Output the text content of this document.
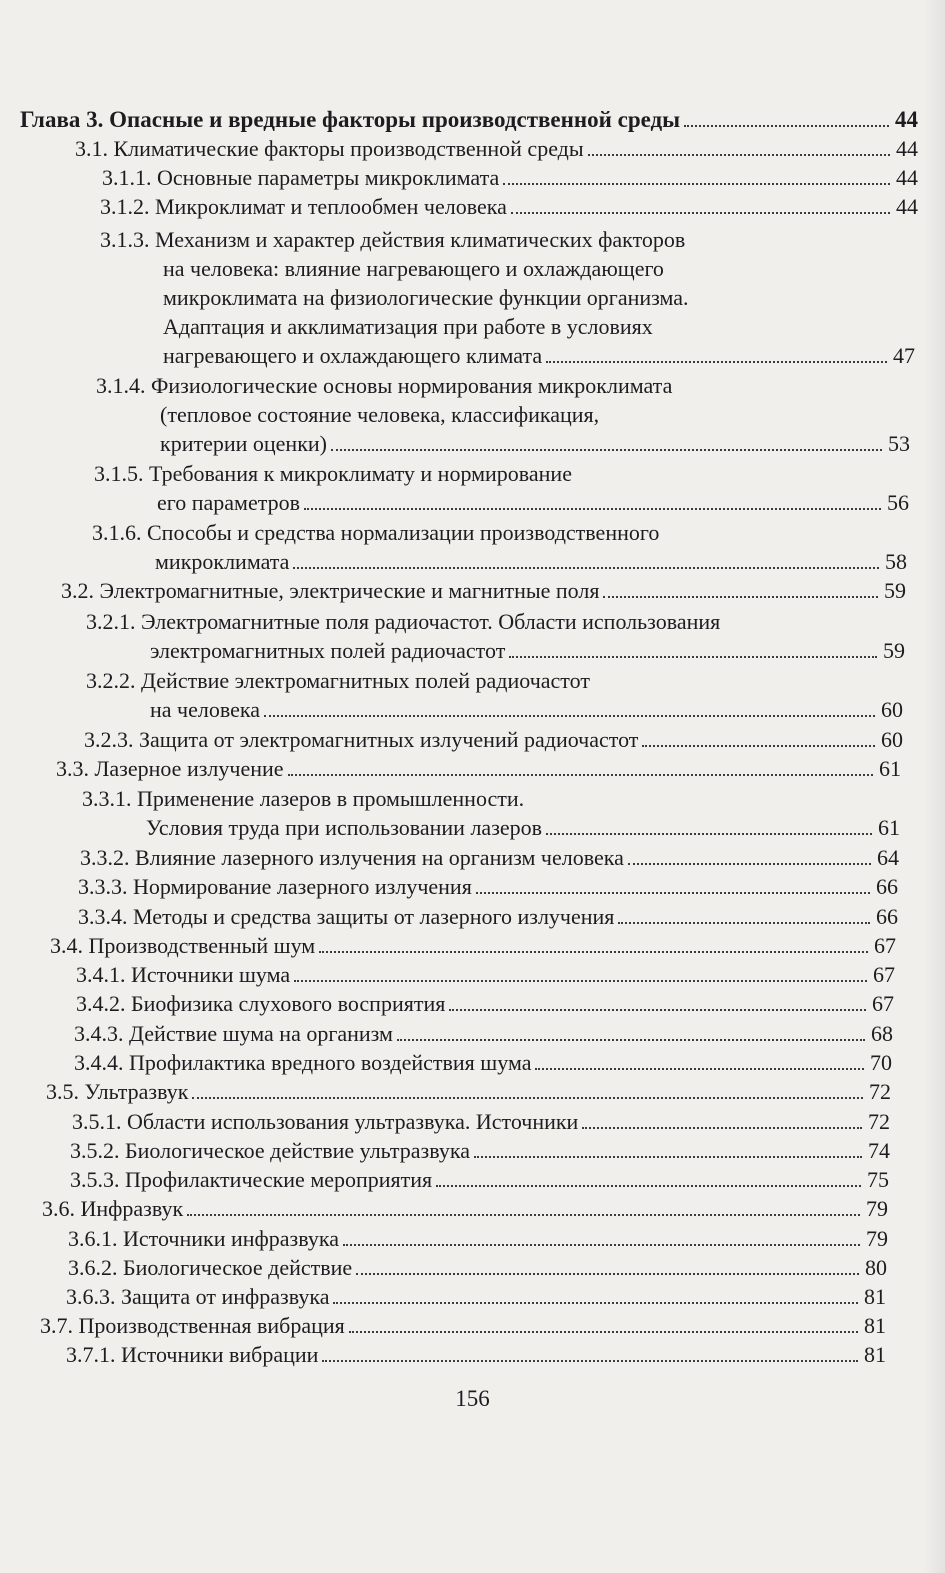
Глава 3. Опасные и вредные факторы производственной среды	44
3.1. Климатические факторы производственной среды	44
3.1.1. Основные параметры микроклимата	44
3.1.2. Микроклимат и теплообмен человека	44
3.1.3. Механизм и характер действия климатических факторов
на человека: влияние нагревающего и охлаждающего
микроклимата на физиологические функции организма.
Адаптация и акклиматизация при работе в условиях
нагревающего и охлаждающего климата	47
3.1.4. Физиологические основы нормирования микроклимата
(тепловое состояние человека, классификация,
критерии оценки)	53
3.1.5. Требования к микроклимату и нормирование
его параметров	56
3.1.6. Способы и средства нормализации производственного
микроклимата	58
3.2. Электромагнитные, электрические и магнитные поля	59
3.2.1. Электромагнитные поля радиочастот. Области использования
электромагнитных полей радиочастот	59
3.2.2. Действие электромагнитных полей радиочастот
на человека	60
3.2.3. Защита от электромагнитных излучений радиочастот	60
3.3. Лазерное излучение	61
3.3.1. Применение лазеров в промышленности.
Условия труда при использовании лазеров	61
3.3.2. Влияние лазерного излучения на организм человека	64
3.3.3. Нормирование лазерного излучения	66
3.3.4. Методы и средства защиты от лазерного излучения	66
3.4. Производственный шум	67
3.4.1. Источники шума	67
3.4.2. Биофизика слухового восприятия	67
3.4.3. Действие шума на организм	68
3.4.4. Профилактика вредного воздействия шума	70
3.5. Ультразвук	72
3.5.1. Области использования ультразвука. Источники	72
3.5.2. Биологическое действие ультразвука	74
3.5.3. Профилактические мероприятия	75
3.6. Инфразвук	79
3.6.1. Источники инфразвука	79
3.6.2. Биологическое действие	80
3.6.3. Защита от инфразвука	81
3.7. Производственная вибрация	81
3.7.1. Источники вибрации	81
156
